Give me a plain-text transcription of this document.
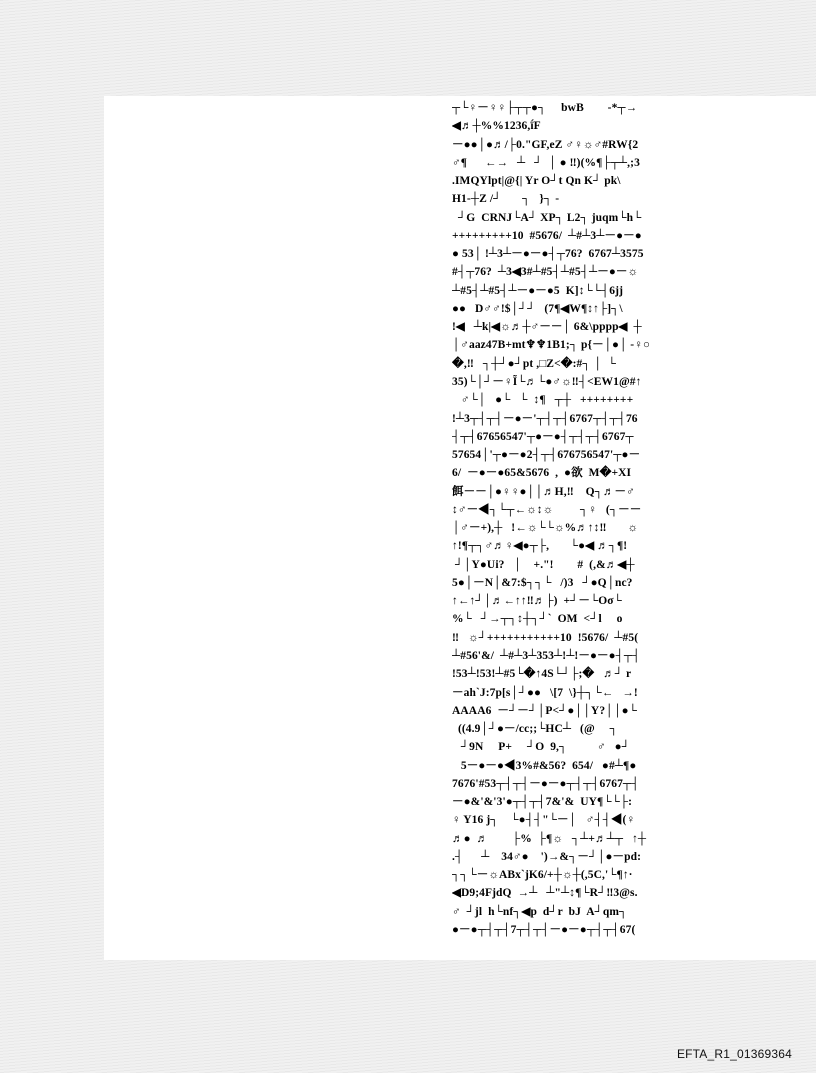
┬└♀－♀♀├┬┬●┐     bwB        -*┬→
◀♬┼%%1236,ḯF
－●●│●♬/├0."GF,eZ ♂♀☼♂#RW{2
♂¶      ←→   ┴   ┘  │ ● ‼)(%¶├┬┴,;3
.IMQYlpt|@{| Yr O┘t Qn K┘ pk\
H1-┼Z /┘       ┐   }┐ -
┘G  CRNJ└A┘ XP┐ L2┐ juqm└h└
+++++++++10  #5676/  ┴#┴3┴－●－●
● 53│ !┴3┴－●－●┤┬76?  6767┴3575
#┤┬76?  ┴3◀3#┴#5┤┴#5┤┴－●－☼
┴#5┤┴#5┤┴－●－●5  K]↕└└┤6jj
●●   D♂♂!$│┘┘   (7¶◀W¶↕↑├]┐\
!◀   ┴k|◀☼♬┼♂－－│ 6&\pppp◀  ┼
│♂aaz47B+mt♆♆1B1;┐ p{－│●│ -♀○
�,‼   ┐┼┘●┘pt ,□Z<�:#┐ │  └
35)└│┘－♀Ĩ└♬└●♂☼‼┤<EW1@#↑
♂└│   ●└   └  ↕¶   ┬┼   ++++++++
!┴3┬┤┬┤－●－'┬┤┬┤6767┬┤┬┤76
┤┬┤67656547'┬●－●┤┬┤┬┤6767┬
57654│'┬●－●2┤┬┤676756547'┬●－
6/  －●－●65&5676  ,  ●欲  M�+XI
餌－－│●♀♀●││♬H,‼    Q┐♬－♂
↕♂－◀┐└┬←☼↕☼         ┐♀   (┐－－
│♂－+),┼   !←☼└└☼%♬↑↕‼       ☼
↑!¶┬┐♂♬♀◀●┬├,       └●◀ ♬┐¶!
┘│Y●Ui?   │    +."!        #  (,&♬◀┼
5●│－N│&7:$┐┐└   /)3   ┘●Q│nc?
↑←↑┘│♬←↑↑‼♬├)  +┘－└Oσ└
%└   ┘→┬┐↕┼┐┘`  OM  <┘l     o
‼   ☼┘+++++++++++10  !5676/  ┴#5(
┴#56'&/  ┴#┴3┴353┴!┴!－●－●┤┬┤
!53┴!53!┴#5└�↑4S└┘├;�   ♬┘ r
－ah`J:7p[s│┘●●   \[7  \}┼┐└←   →!
AAAA6  －┘－┘│P<┘●││Y?││●└
((4.9│┘●－/cc;;└HC┴   (@     ┐
┘9N     P+     ┘O  9,┐          ♂   ●┘
5－●－●◀3%#&56?  654/   ●#┴¶●
7676'#53┬┤┬┤－●－●┬┤┬┤6767┬┤
－●&'&'3'●┬┤┬┤7&'&  UY¶└└├:
♀ Y16 j┐    └●┤┤"└－│   ♂┤┤◀(♀
♬●  ♬        ├%  ├¶☼   ┐┴+♬┴┬   ↑┼
.┤      ┴    34♂●    ')→&┐－┘│●－pd:
┐┐└－☼ABx`jK6/+┼☼┼(,5C,'└¶↑·
◀D9;4FjdQ  →┴   ┴"┴↕¶└R┘‼3@s.
♂  ┘jl  h└nf┐◀p  d┘r  bJ  A┘qm┐
●－●┬┤┬┤7┬┤┬┤－●－●┬┤┬┤67(
EFTA_R1_01369364
